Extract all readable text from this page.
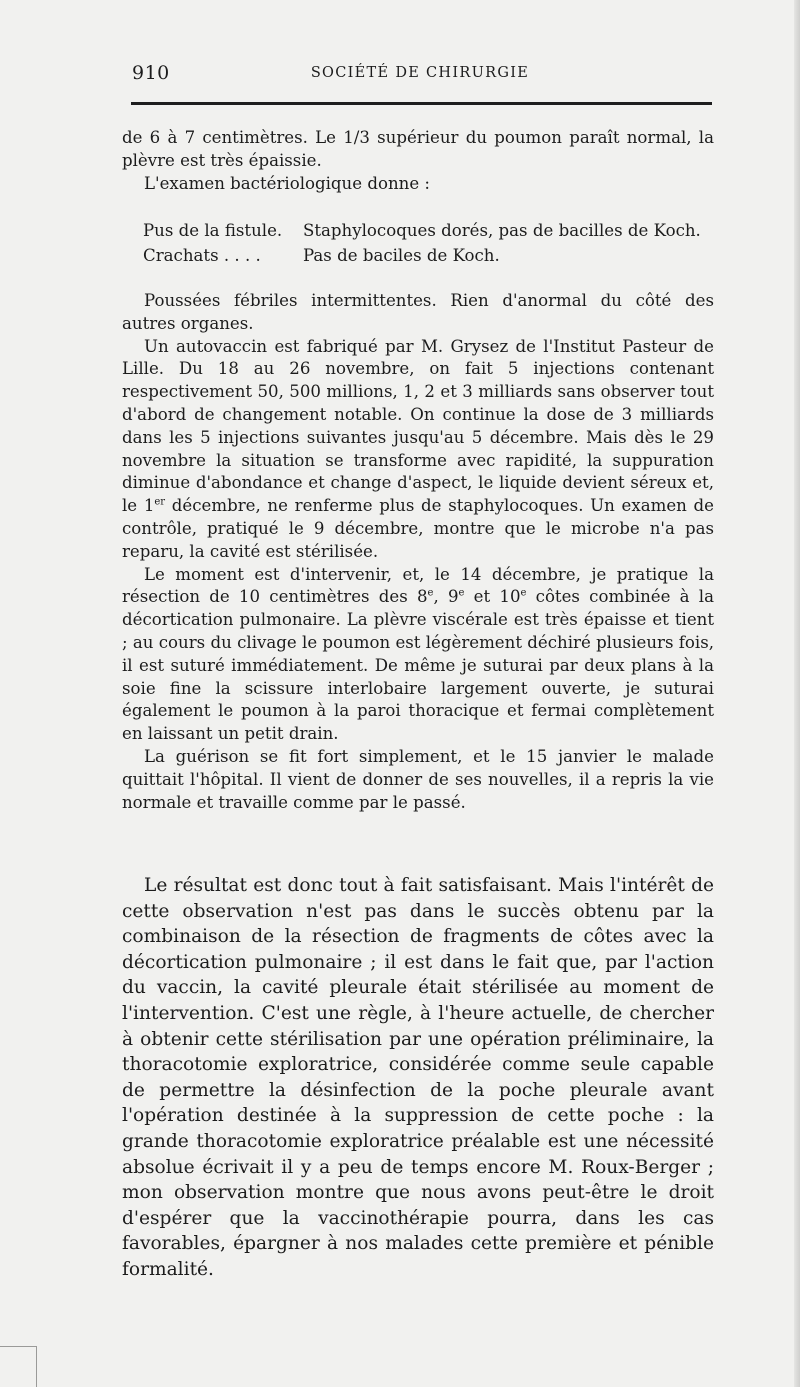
910	SOCIÉTÉ DE CHIRURGIE

de 6 à 7 centimètres. Le 1/3 supérieur du poumon paraît normal, la plèvre est très épaissie.

L'examen bactériologique donne :

Pus de la fistule. Staphylocoques dorés, pas de bacilles de Koch.
Crachats . . . .	Pas de baciles de Koch.

Poussées fébriles intermittentes. Rien d'anormal du côté des autres organes.

Un autovaccin est fabriqué par M. Grysez de l'Institut Pasteur de Lille. Du 18 au 26 novembre, on fait 5 injections contenant respectivement 50, 500 millions, 1, 2 et 3 milliards sans observer tout d'abord de changement notable. On continue la dose de 3 milliards dans les 5 injections suivantes jusqu'au 5 décembre. Mais dès le 29 novembre la situation se transforme avec rapidité, la suppuration diminue d'abondance et change d'aspect, le liquide devient séreux et, le 1er décembre, ne renferme plus de staphylocoques. Un examen de contrôle, pratiqué le 9 décembre, montre que le microbe n'a pas reparu, la cavité est stérilisée.

Le moment est d'intervenir, et, le 14 décembre, je pratique la résection de 10 centimètres des 8e, 9e et 10e côtes combinée à la décortication pulmonaire. La plèvre viscérale est très épaisse et tient ; au cours du clivage le poumon est légèrement déchiré plusieurs fois, il est suturé immédiatement. De même je suturai par deux plans à la soie fine la scissure interlobaire largement ouverte, je suturai également le poumon à la paroi thoracique et fermai complètement en laissant un petit drain.

La guérison se fit fort simplement, et le 15 janvier le malade quittait l'hôpital. Il vient de donner de ses nouvelles, il a repris la vie normale et travaille comme par le passé.

Le résultat est donc tout à fait satisfaisant. Mais l'intérêt de cette observation n'est pas dans le succès obtenu par la combinaison de la résection de fragments de côtes avec la décortication pulmonaire ; il est dans le fait que, par l'action du vaccin, la cavité pleurale était stérilisée au moment de l'intervention. C'est une règle, à l'heure actuelle, de chercher à obtenir cette stérilisation par une opération préliminaire, la thoracotomie exploratrice, considérée comme seule capable de permettre la désinfection de la poche pleurale avant l'opération destinée à la suppression de cette poche : la grande thoracotomie exploratrice préalable est une nécessité absolue écrivait il y a peu de temps encore M. Roux-Berger ; mon observation montre que nous avons peut-être le droit d'espérer que la vaccinothérapie pourra, dans les cas favorables, épargner à nos malades cette première et pénible formalité.
